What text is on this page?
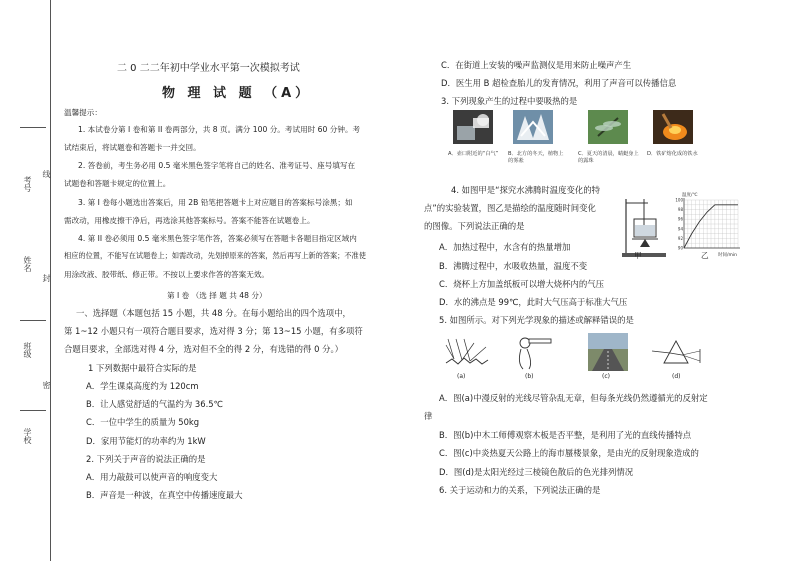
考号
线
姓名
封
班级
密
学校
二 0 二二年初中学业水平第一次模拟考试
物 理 试 题 （A）
温馨提示：
1. 本试卷分第 I 卷和第 II 卷两部分，共 8 页。满分 100 分。考试用时 60 分钟。考
试结束后，将试题卷和答题卡一并交回。
2. 答卷前，考生务必用 0.5 毫米黑色签字笔将自己的姓名、准考证号、座号填写在
试题卷和答题卡规定的位置上。
3. 第 I 卷每小题选出答案后，用 2B 铅笔把答题卡上对应题目的答案标号涂黑；如
需改动，用橡皮擦干净后，再选涂其他答案标号。答案不能答在试题卷上。
4. 第 II 卷必须用 0.5 毫米黑色签字笔作答，答案必须写在答题卡各题目指定区域内
相应的位置，不能写在试题卷上；如需改动，先划掉原来的答案，然后再写上新的答案；不准使
用涂改液、胶带纸、修正带。不按以上要求作答的答案无效。
第 I 卷 （选 择 题 共 48 分）
一、选择题（本题包括 15 小题，共 48 分。在每小题给出的四个选项中，
第 1~12 小题只有一项符合题目要求，选对得 3 分；第 13~15 小题，有多项符
合题目要求，全部选对得 4 分，选对但不全的得 2 分，有选错的得 0 分。）
1 下列数据中最符合实际的是
A．学生课桌高度约为 120cm
B．让人感觉舒适的气温约为 36.5℃
C．一位中学生的质量为 50kg
D．家用节能灯的功率约为 1kW
2. 下列关于声音的说法正确的是
A．用力敲鼓可以使声音的响度变大
B．声音是一种波，在真空中传播速度最大
C．在街道上安装的噪声监测仪是用来防止噪声产生
D．医生用 B 超检查胎儿的发育情况，利用了声音可以传播信息
3. 下列现象产生的过程中要吸热的是
A．壶口附近的“白气”	B．北方的冬天，植物上的雾凇
C．夏天的清晨，蜻蜓身上的露珠
D．铁矿熔化成的铁水
4. 如图甲是“探究水沸腾时温度变化的特
点”的实验装置，图乙是描绘的温度随时间变化
的图像。下列说法正确的是
A．加热过程中，水含有的热量增加
B．沸腾过程中，水吸收热量，温度不变
C．烧杯上方加盖纸板可以增大烧杯内的气压
D．水的沸点是 99℃，此时大气压高于标准大气压
甲
温度/℃
100
98
96
94
92
90
时间/min
乙
5. 如图所示。对下列光学现象的描述或解释错误的是
(a)	(b)	(c)	(d)
A．图(a)中漫反射的光线尽管杂乱无章，但每条光线仍然遵循光的反射定
律
B．图(b)中木工师傅观察木板是否平整，是利用了光的直线传播特点
C．图(c)中炎热夏天公路上的海市蜃楼景象，是由光的反射现象造成的
D．图(d)是太阳光经过三棱镜色散后的色光排列情况
6. 关于运动和力的关系，下列说法正确的是
